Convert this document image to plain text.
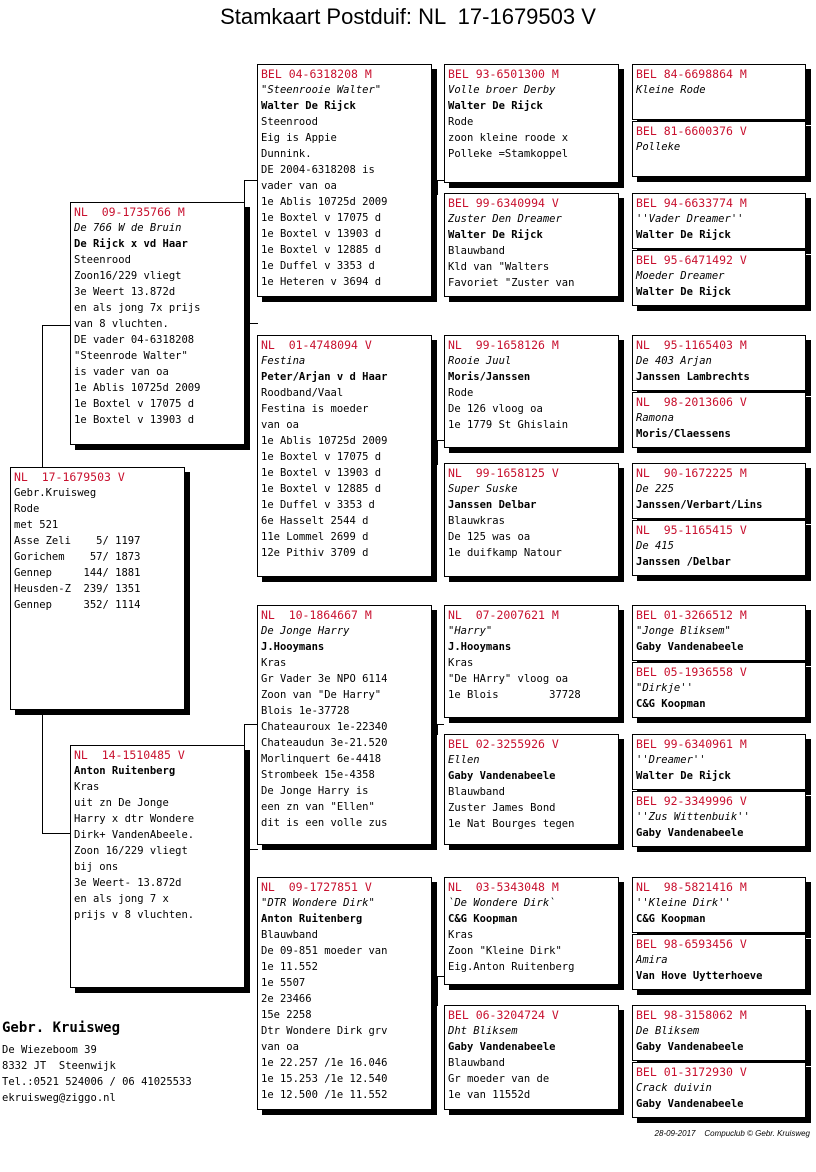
Stamkaart Postduif: NL  17-1679503 V
NL  17-1679503 V
Gebr.Kruisweg
Rode
met 521
Asse Zeli    5/ 1197
Gorichem    57/ 1873
Gennep     144/ 1881
Heusden-Z  239/ 1351
Gennep     352/ 1114
NL  09-1735766 M
De 766 W de Bruin
De Rijck x vd Haar
Steenrood
Zoon16/229 vliegt
3e Weert 13.872d
en als jong 7x prijs
van 8 vluchten.
DE vader 04-6318208
"Steenrode Walter"
is vader van oa
1e Ablis 10725d 2009
1e Boxtel v 17075 d
1e Boxtel v 13903 d
NL  14-1510485 V
Anton Ruitenberg
Kras
uit zn De Jonge
Harry x dtr Wondere
Dirk+ VandenAbeele.
Zoon 16/229 vliegt
bij ons
3e Weert- 13.872d
en als jong 7 x
prijs v 8 vluchten.
BEL 04-6318208 M
"Steenrooie Walter"
Walter De Rijck
Steenrood
Eig is Appie
Dunnink.
DE 2004-6318208 is
vader van oa
1e Ablis 10725d 2009
1e Boxtel v 17075 d
1e Boxtel v 13903 d
1e Boxtel v 12885 d
1e Duffel v 3353 d
1e Heteren v 3694 d
NL  01-4748094 V
Festina
Peter/Arjan v d Haar
Roodband/Vaal
Festina is moeder
van oa
1e Ablis 10725d 2009
1e Boxtel v 17075 d
1e Boxtel v 13903 d
1e Boxtel v 12885 d
1e Duffel v 3353 d
6e Hasselt 2544 d
11e Lommel 2699 d
12e Pithiv 3709 d
NL  10-1864667 M
De Jonge Harry
J.Hooymans
Kras
Gr Vader 3e NPO 6114
Zoon van "De Harry"
Blois 1e-37728
Chateauroux 1e-22340
Chateaudun 3e-21.520
Morlinquert 6e-4418
Strombeek 15e-4358
De Jonge Harry is
een zn van "Ellen"
dit is een volle zus
NL  09-1727851 V
"DTR Wondere Dirk"
Anton Ruitenberg
Blauwband
De 09-851 moeder van
1e 11.552
1e 5507
2e 23466
15e 2258
Dtr Wondere Dirk grv
van oa
1e 22.257 /1e 16.046
1e 15.253 /1e 12.540
1e 12.500 /1e 11.552
BEL 93-6501300 M
Volle broer Derby
Walter De Rijck
Rode
zoon kleine roode x
Polleke =Stamkoppel
BEL 99-6340994 V
Zuster Den Dreamer
Walter De Rijck
Blauwband
Kld van "Walters
Favoriet "Zuster van
NL  99-1658126 M
Rooie Juul
Moris/Janssen
Rode
De 126 vloog oa
1e 1779 St Ghislain
NL  99-1658125 V
Super Suske
Janssen Delbar
Blauwkras
De 125 was oa
1e duifkamp Natour
NL  07-2007621 M
"Harry"
J.Hooymans
Kras
"De HArry" vloog oa
1e Blois        37728
BEL 02-3255926 V
Ellen
Gaby Vandenabeele
Blauwband
Zuster James Bond
1e Nat Bourges tegen
NL  03-5343048 M
`De Wondere Dirk`
C&G Koopman
Kras
Zoon "Kleine Dirk"
Eig.Anton Ruitenberg
BEL 06-3204724 V
Dht Bliksem
Gaby Vandenabeele
Blauwband
Gr moeder van de
1e van 11552d
BEL 84-6698864 M
Kleine Rode
BEL 81-6600376 V
Polleke
BEL 94-6633774 M
''Vader Dreamer''
Walter De Rijck
BEL 95-6471492 V
Moeder Dreamer
Walter De Rijck
NL  95-1165403 M
De 403 Arjan
Janssen Lambrechts
NL  98-2013606 V
Ramona
Moris/Claessens
NL  90-1672225 M
De 225
Janssen/Verbart/Lins
NL  95-1165415 V
De 415
Janssen /Delbar
BEL 01-3266512 M
"Jonge Bliksem"
Gaby Vandenabeele
BEL 05-1936558 V
"Dirkje''
C&G Koopman
BEL 99-6340961 M
''Dreamer''
Walter De Rijck
BEL 92-3349996 V
''Zus Wittenbuik''
Gaby Vandenabeele
NL  98-5821416 M
''Kleine Dirk''
C&G Koopman
BEL 98-6593456 V
Amira
Van Hove Uytterhoeve
BEL 98-3158062 M
De Bliksem
Gaby Vandenabeele
BEL 01-3172930 V
Crack duivin
Gaby Vandenabeele
Gebr. Kruisweg
De Wiezeboom 39
8332 JT  Steenwijk
Tel.:0521 524006 / 06 41025533
ekruisweg@ziggo.nl
28-09-2017    Compuclub © Gebr. Kruisweg
